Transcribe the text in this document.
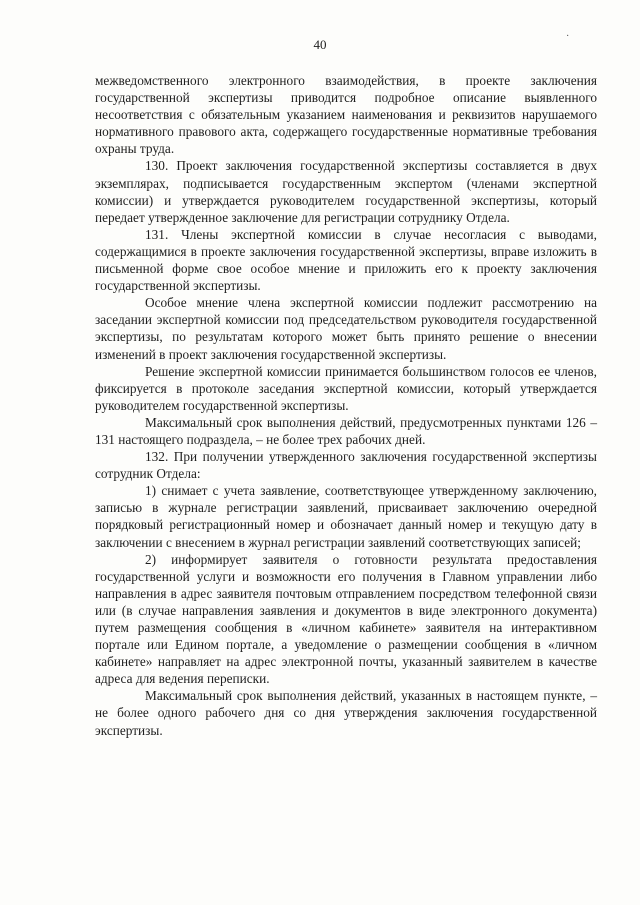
40
·

межведомственного электронного взаимодействия, в проекте заключения государственной экспертизы приводится подробное описание выявленного несоответствия с обязательным указанием наименования и реквизитов нарушаемого нормативного правового акта, содержащего государственные нормативные требования охраны труда.

130. Проект заключения государственной экспертизы составляется в двух экземплярах, подписывается государственным экспертом (членами экспертной комиссии) и утверждается руководителем государственной экспертизы, который передает утвержденное заключение для регистрации сотруднику Отдела.

131. Члены экспертной комиссии в случае несогласия с выводами, содержащимися в проекте заключения государственной экспертизы, вправе изложить в письменной форме свое особое мнение и приложить его к проекту заключения государственной экспертизы.

Особое мнение члена экспертной комиссии подлежит рассмотрению на заседании экспертной комиссии под председательством руководителя государственной экспертизы, по результатам которого может быть принято решение о внесении изменений в проект заключения государственной экспертизы.

Решение экспертной комиссии принимается большинством голосов ее членов, фиксируется в протоколе заседания экспертной комиссии, который утверждается руководителем государственной экспертизы.

Максимальный срок выполнения действий, предусмотренных пунктами 126 – 131 настоящего подраздела, – не более трех рабочих дней.

132. При получении утвержденного заключения государственной экспертизы сотрудник Отдела:

1) снимает с учета заявление, соответствующее утвержденному заключению, записью в журнале регистрации заявлений, присваивает заключению очередной порядковый регистрационный номер и обозначает данный номер и текущую дату в заключении с внесением в журнал регистрации заявлений соответствующих записей;

2) информирует заявителя о готовности результата предоставления государственной услуги и возможности его получения в Главном управлении либо направления в адрес заявителя почтовым отправлением посредством телефонной связи или (в случае направления заявления и документов в виде электронного документа) путем размещения сообщения в «личном кабинете» заявителя на интерактивном портале или Едином портале, а уведомление о размещении сообщения в «личном кабинете» направляет на адрес электронной почты, указанный заявителем в качестве адреса для ведения переписки.

Максимальный срок выполнения действий, указанных в настоящем пункте, – не более одного рабочего дня со дня утверждения заключения государственной экспертизы.
